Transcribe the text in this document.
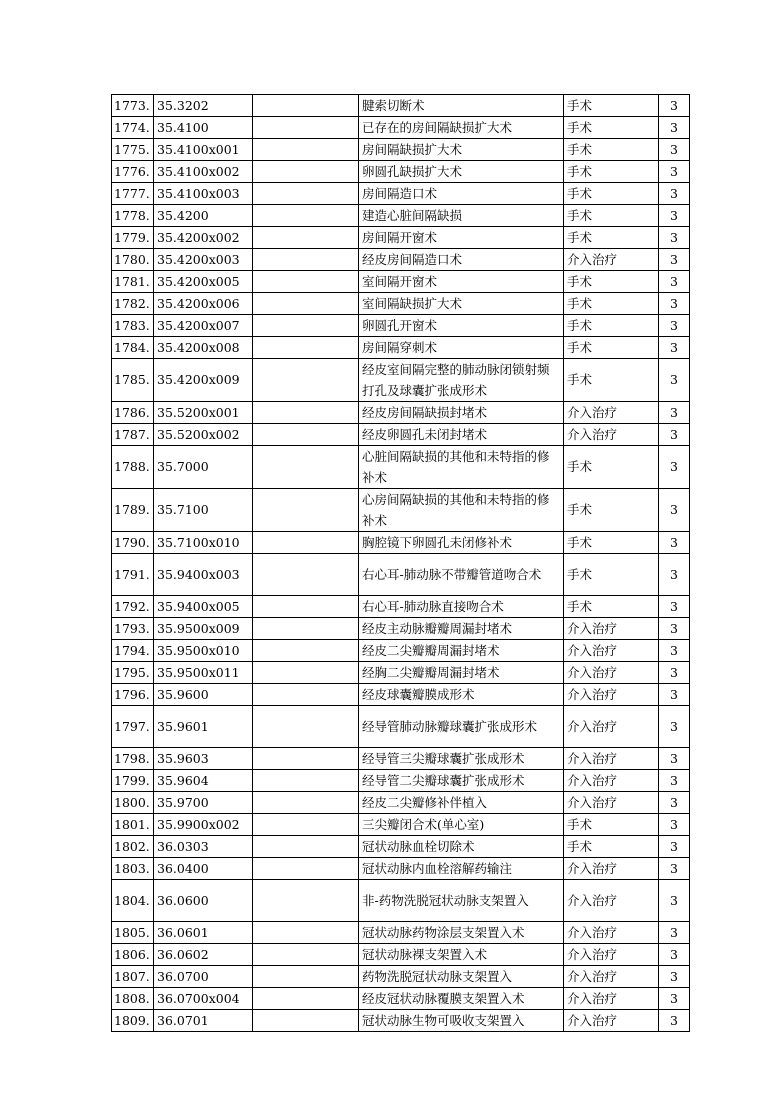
1773.	35.3202		腱索切断术	手术	3
1774.	35.4100		已存在的房间隔缺损扩大术	手术	3
1775.	35.4100x001		房间隔缺损扩大术	手术	3
1776.	35.4100x002		卵圆孔缺损扩大术	手术	3
1777.	35.4100x003		房间隔造口术	手术	3
1778.	35.4200		建造心脏间隔缺损	手术	3
1779.	35.4200x002		房间隔开窗术	手术	3
1780.	35.4200x003		经皮房间隔造口术	介入治疗	3
1781.	35.4200x005		室间隔开窗术	手术	3
1782.	35.4200x006		室间隔缺损扩大术	手术	3
1783.	35.4200x007		卵圆孔开窗术	手术	3
1784.	35.4200x008		房间隔穿刺术	手术	3
1785.	35.4200x009		经皮室间隔完整的肺动脉闭锁射频打孔及球囊扩张成形术	手术	3
1786.	35.5200x001		经皮房间隔缺损封堵术	介入治疗	3
1787.	35.5200x002		经皮卵圆孔未闭封堵术	介入治疗	3
1788.	35.7000		心脏间隔缺损的其他和未特指的修补术	手术	3
1789.	35.7100		心房间隔缺损的其他和未特指的修补术	手术	3
1790.	35.7100x010		胸腔镜下卵圆孔未闭修补术	手术	3
1791.	35.9400x003		右心耳-肺动脉不带瓣管道吻合术	手术	3
1792.	35.9400x005		右心耳-肺动脉直接吻合术	手术	3
1793.	35.9500x009		经皮主动脉瓣瓣周漏封堵术	介入治疗	3
1794.	35.9500x010		经皮二尖瓣瓣周漏封堵术	介入治疗	3
1795.	35.9500x011		经胸二尖瓣瓣周漏封堵术	介入治疗	3
1796.	35.9600		经皮球囊瓣膜成形术	介入治疗	3
1797.	35.9601		经导管肺动脉瓣球囊扩张成形术	介入治疗	3
1798.	35.9603		经导管三尖瓣球囊扩张成形术	介入治疗	3
1799.	35.9604		经导管二尖瓣球囊扩张成形术	介入治疗	3
1800.	35.9700		经皮二尖瓣修补伴植入	介入治疗	3
1801.	35.9900x002		三尖瓣闭合术(单心室)	手术	3
1802.	36.0303		冠状动脉血栓切除术	手术	3
1803.	36.0400		冠状动脉内血栓溶解药输注	介入治疗	3
1804.	36.0600		非-药物洗脱冠状动脉支架置入	介入治疗	3
1805.	36.0601		冠状动脉药物涂层支架置入术	介入治疗	3
1806.	36.0602		冠状动脉裸支架置入术	介入治疗	3
1807.	36.0700		药物洗脱冠状动脉支架置入	介入治疗	3
1808.	36.0700x004		经皮冠状动脉覆膜支架置入术	介入治疗	3
1809.	36.0701		冠状动脉生物可吸收支架置入	介入治疗	3
